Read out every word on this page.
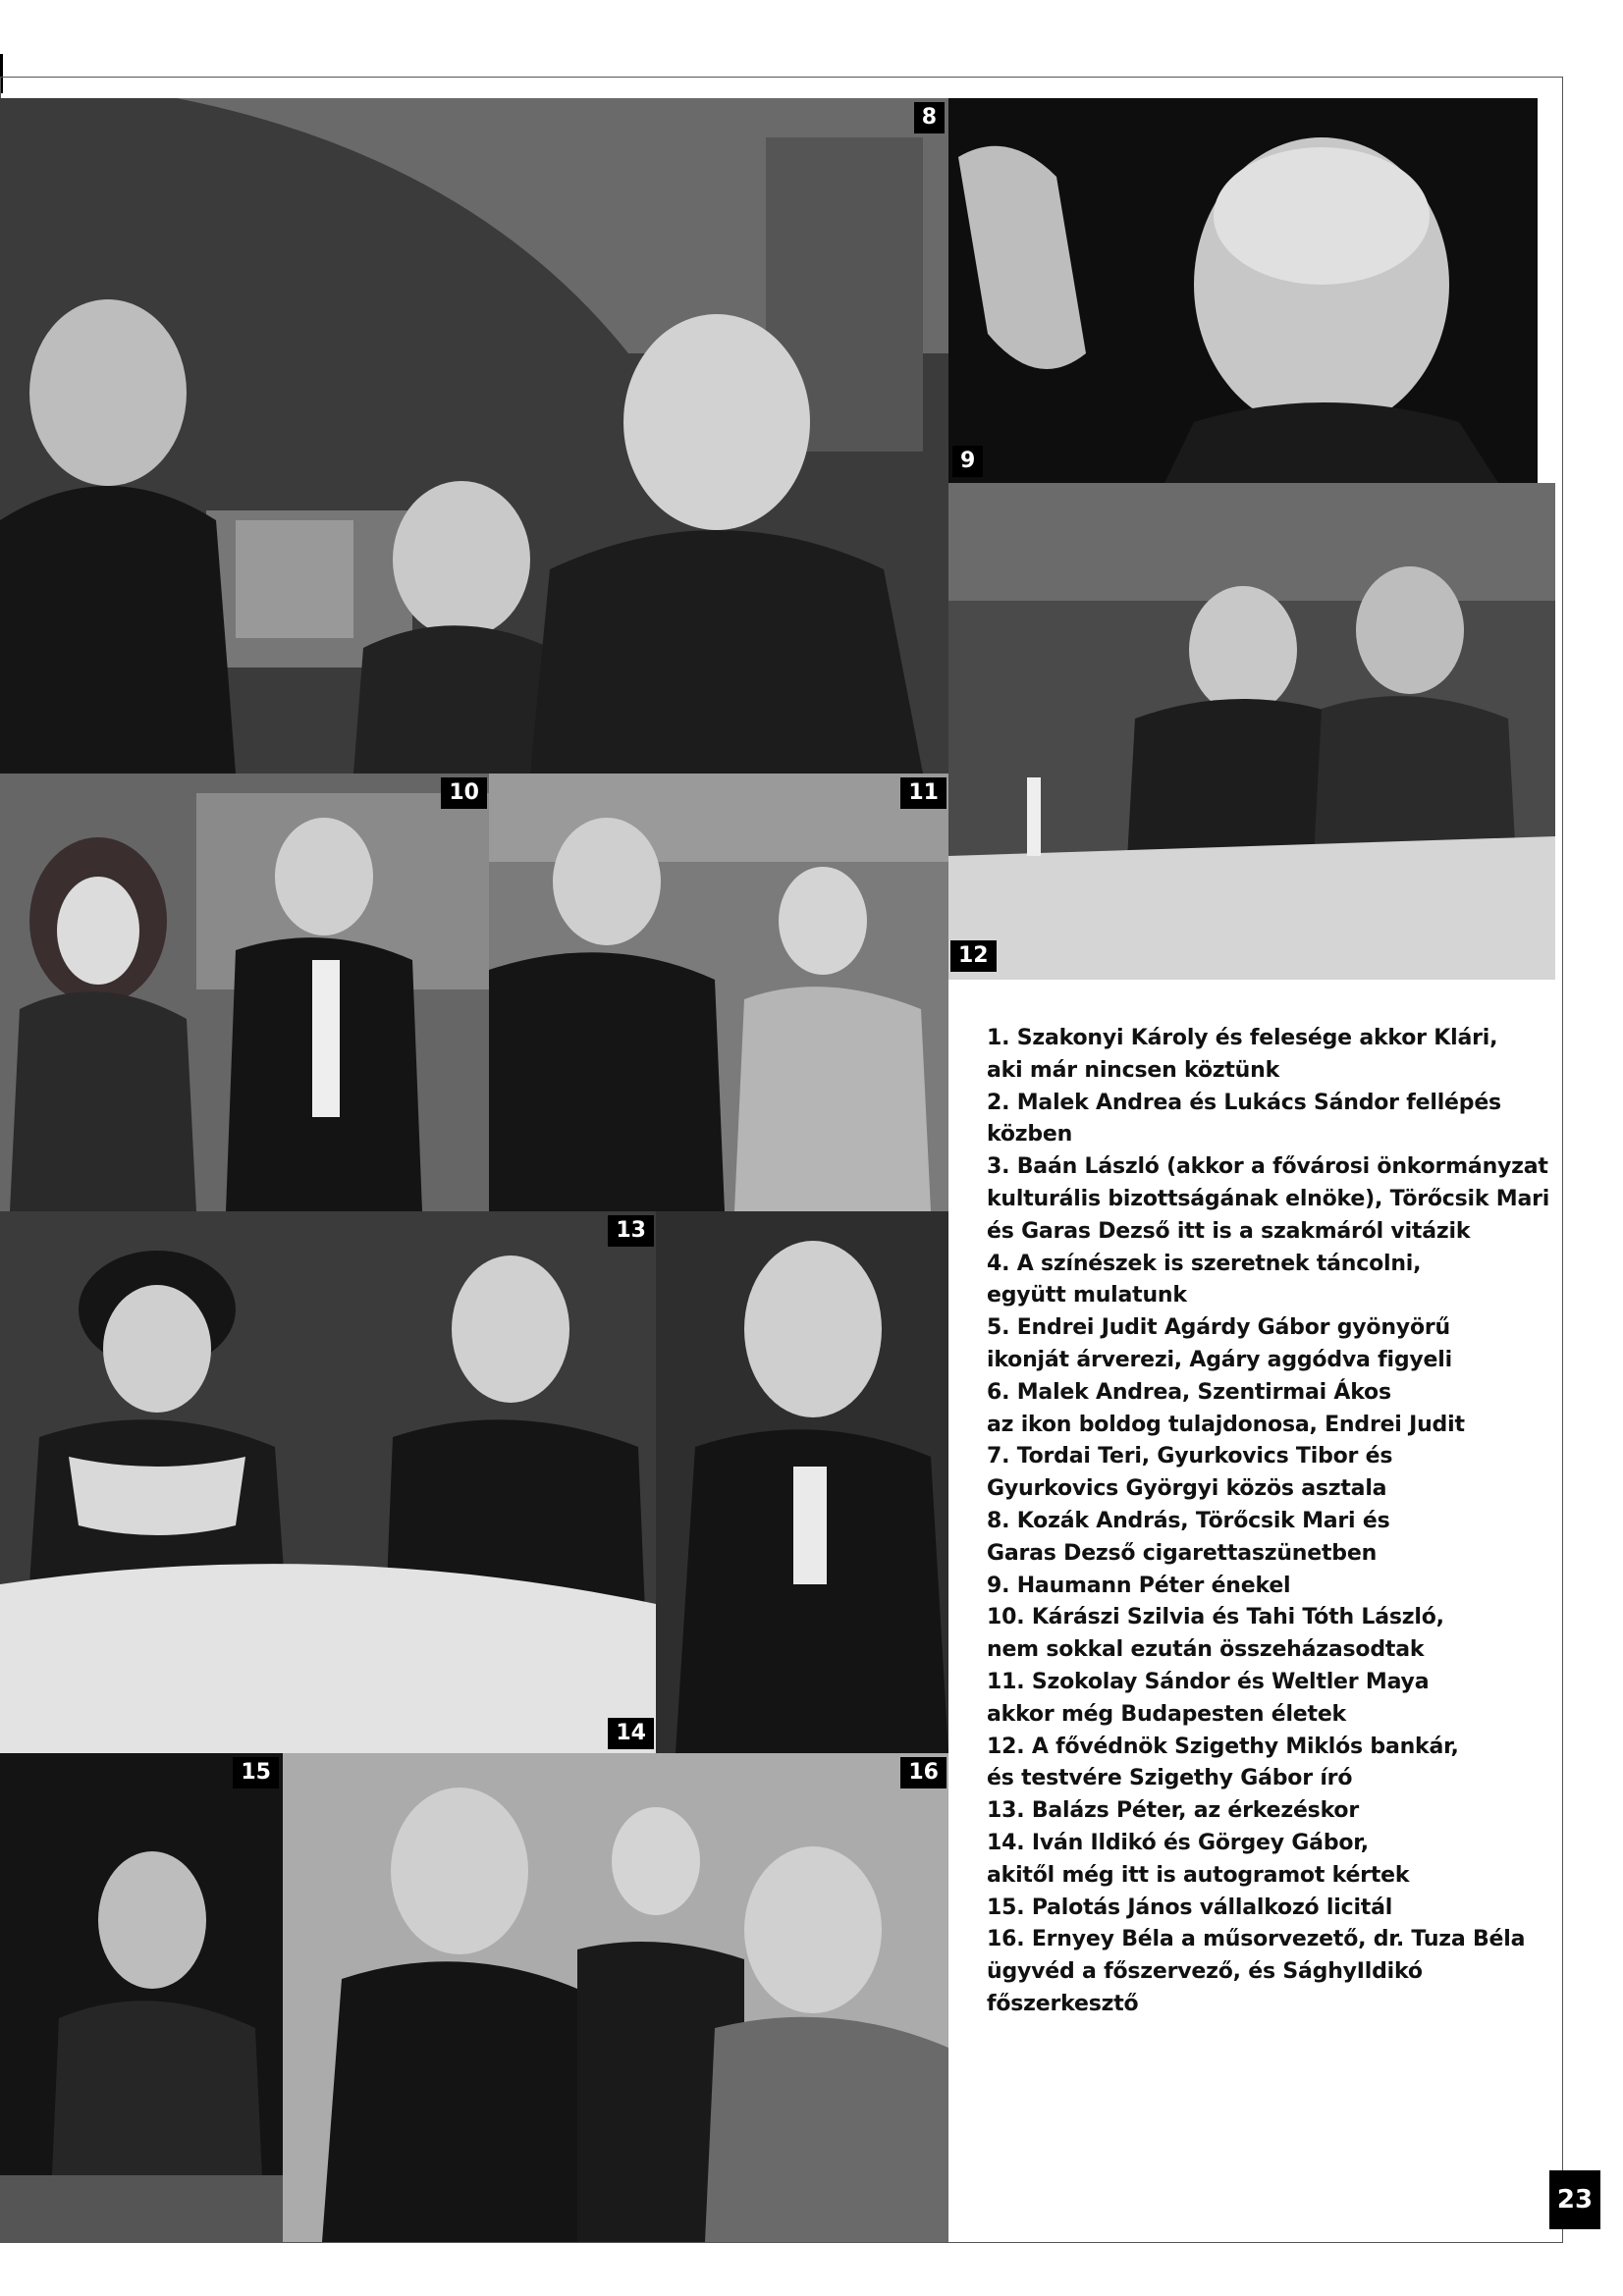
8
9
12
10	11
13
14
15	16
1. Szakonyi Károly és felesége akkor Klári,
aki már nincsen köztünk
2. Malek Andrea és Lukács Sándor fellépés
közben
3. Baán László (akkor a fővárosi önkormányzat
kulturális bizottságának elnöke), Törőcsik Mari
és Garas Dezső itt is a szakmáról vitázik
4. A színészek is szeretnek táncolni,
együtt mulatunk
5. Endrei Judit Agárdy Gábor gyönyörű
ikonját árverezi, Agáry aggódva figyeli
6. Malek Andrea, Szentirmai Ákos
az ikon boldog tulajdonosa, Endrei Judit
7. Tordai Teri, Gyurkovics Tibor és
Gyurkovics Györgyi közös asztala
8. Kozák András, Törőcsik Mari és
Garas Dezső cigarettaszünetben
9. Haumann Péter énekel
10. Kárászi Szilvia és Tahi Tóth László,
nem sokkal ezután összeházasodtak
11. Szokolay Sándor és Weltler Maya
akkor még Budapesten életek
12. A fővédnök Szigethy Miklós bankár,
és testvére Szigethy Gábor író
13. Balázs Péter, az érkezéskor
14. Iván Ildikó és Görgey Gábor,
akitől még itt is autogramot kértek
15. Palotás János vállalkozó licitál
16. Ernyey Béla a műsorvezető, dr. Tuza Béla
ügyvéd a főszervező, és SághyIldikó
főszerkesztő
23
